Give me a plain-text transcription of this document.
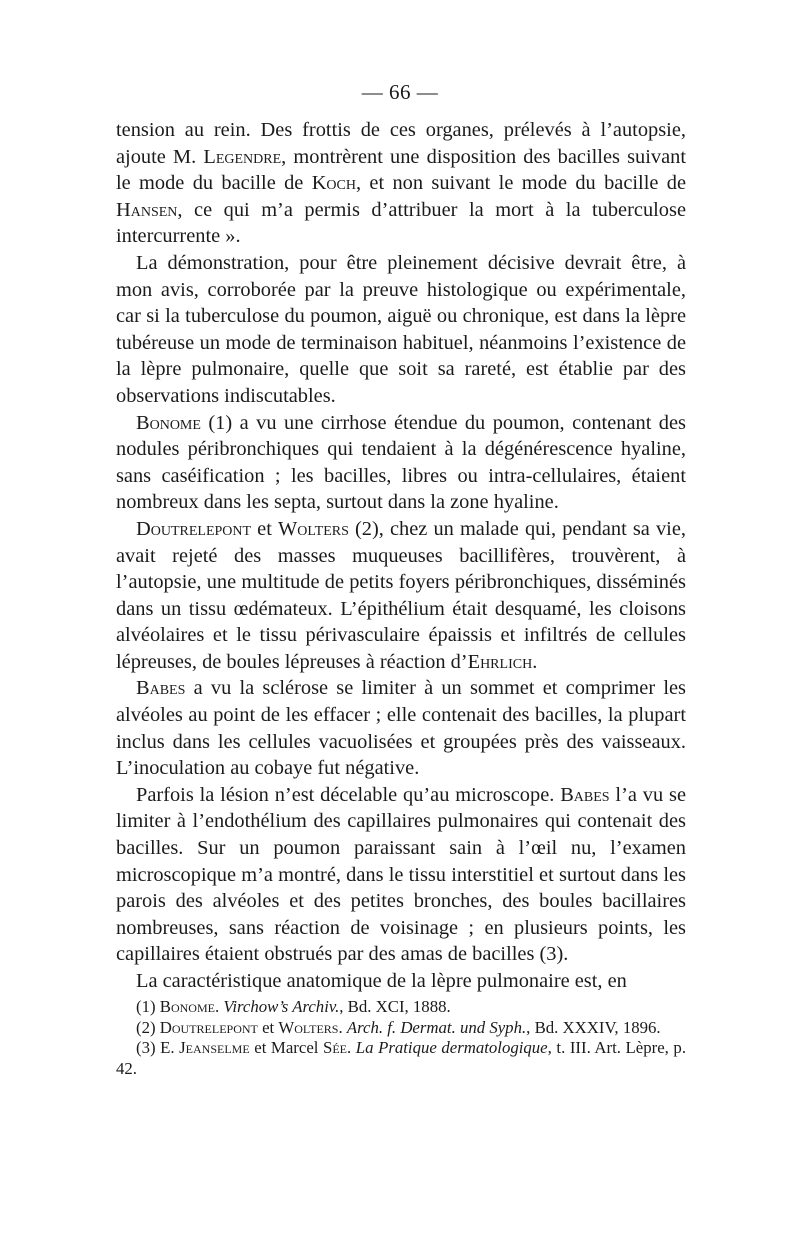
— 66 —

tension au rein. Des frottis de ces organes, prélevés à l’autopsie, ajoute M. Legendre, montrèrent une disposition des bacilles suivant le mode du bacille de Koch, et non suivant le mode du bacille de Hansen, ce qui m’a permis d’attribuer la mort à la tuberculose intercurrente ».

La démonstration, pour être pleinement décisive devrait être, à mon avis, corroborée par la preuve histologique ou expérimentale, car si la tuberculose du poumon, aiguë ou chronique, est dans la lèpre tubéreuse un mode de terminaison habituel, néanmoins l’existence de la lèpre pulmonaire, quelle que soit sa rareté, est établie par des observations indiscutables.

Bonome (1) a vu une cirrhose étendue du poumon, contenant des nodules péribronchiques qui tendaient à la dégénérescence hyaline, sans caséification ; les bacilles, libres ou intra-cellulaires, étaient nombreux dans les septa, surtout dans la zone hyaline.

Doutrelepont et Wolters (2), chez un malade qui, pendant sa vie, avait rejeté des masses muqueuses bacillifères, trouvèrent, à l’autopsie, une multitude de petits foyers péribronchiques, disséminés dans un tissu œdémateux. L’épithélium était desquamé, les cloisons alvéolaires et le tissu périvasculaire épaissis et infiltrés de cellules lépreuses, de boules lépreuses à réaction d’Ehrlich.

Babes a vu la sclérose se limiter à un sommet et comprimer les alvéoles au point de les effacer ; elle contenait des bacilles, la plupart inclus dans les cellules vacuolisées et groupées près des vaisseaux. L’inoculation au cobaye fut négative.

Parfois la lésion n’est décelable qu’au microscope. Babes l’a vu se limiter à l’endothélium des capillaires pulmonaires qui contenait des bacilles. Sur un poumon paraissant sain à l’œil nu, l’examen microscopique m’a montré, dans le tissu interstitiel et surtout dans les parois des alvéoles et des petites bronches, des boules bacillaires nombreuses, sans réaction de voisinage ; en plusieurs points, les capillaires étaient obstrués par des amas de bacilles (3).

La caractéristique anatomique de la lèpre pulmonaire est, en

(1) Bonome. Virchow’s Archiv., Bd. XCI, 1888.

(2) Doutrelepont et Wolters. Arch. f. Dermat. und Syph., Bd. XXXIV, 1896.

(3) E. Jeanselme et Marcel Sée. La Pratique dermatologique, t. III. Art. Lèpre, p. 42.
